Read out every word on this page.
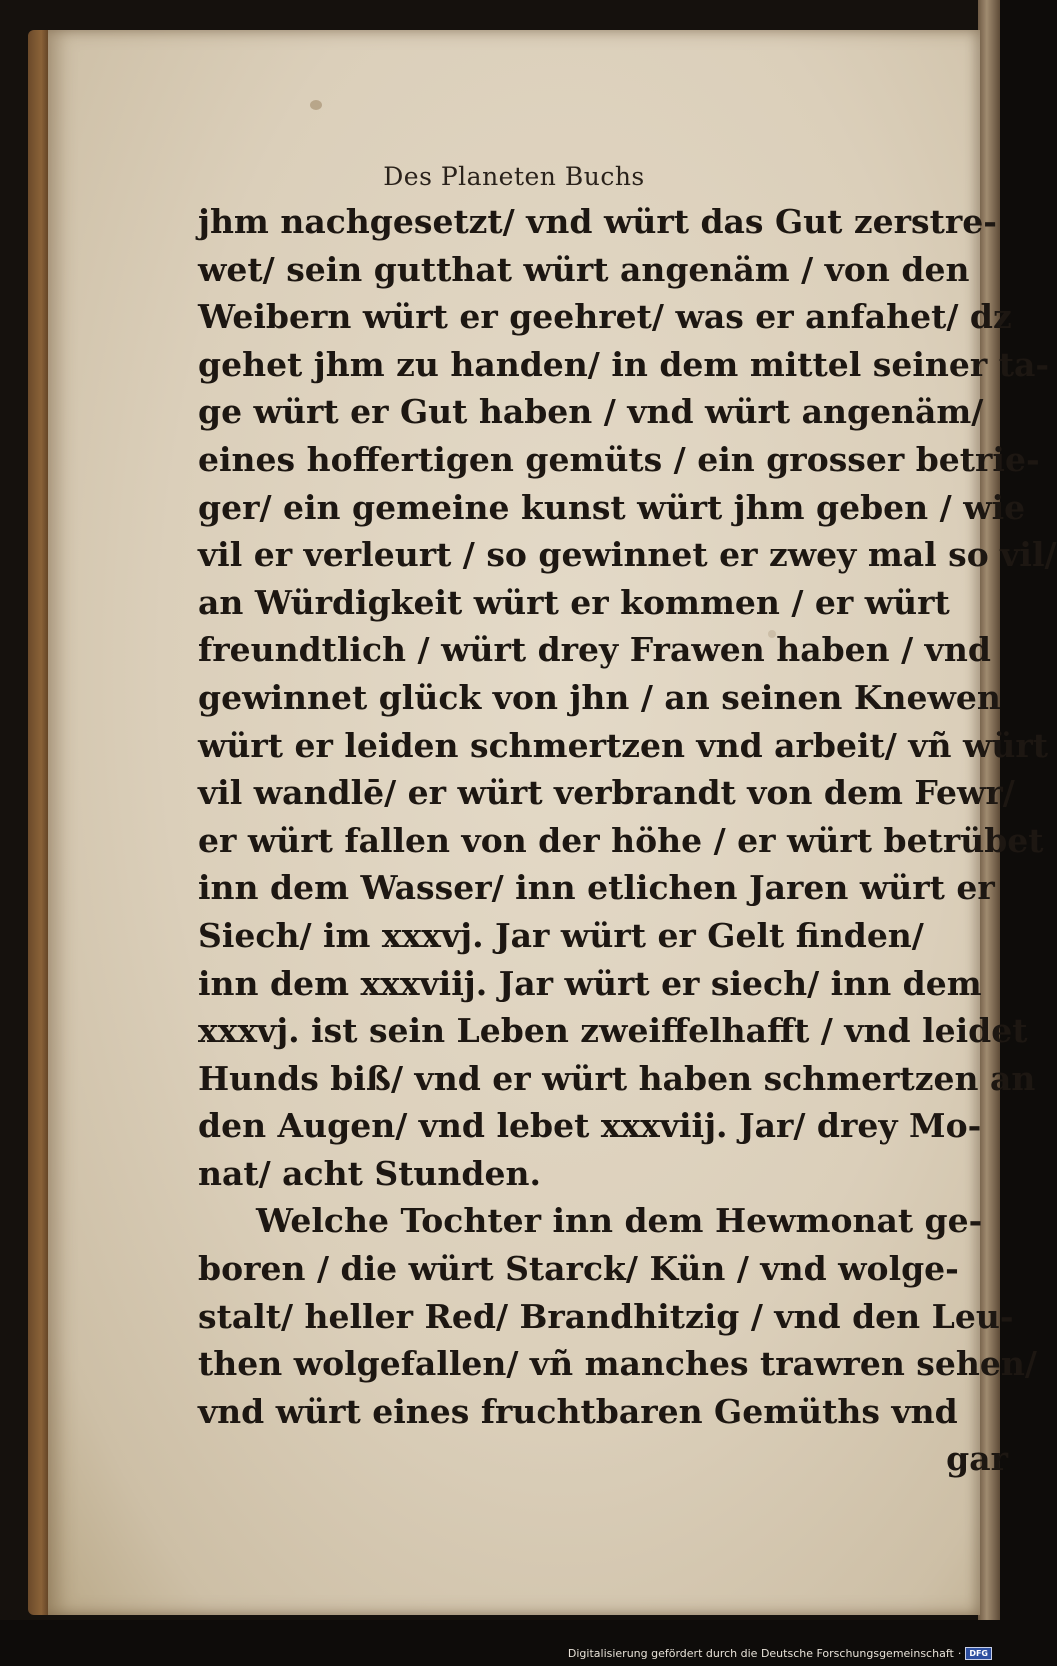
Des Planeten Buchs
jhm nachgesetzt/ vnd würt das Gut zerstre-
wet/ sein gutthat würt angenäm / von den
Weibern würt er geehret/ was er anfahet/ dz
gehet jhm zu handen/ in dem mittel seiner ta-
ge würt er Gut haben / vnd würt angenäm/
eines hoffertigen gemüts / ein grosser betrie-
ger/ ein gemeine kunst würt jhm geben / wie
vil er verleurt / so gewinnet er zwey mal so vil/
an Würdigkeit würt er kommen / er würt
freundtlich / würt drey Frawen haben / vnd
gewinnet glück von jhn / an seinen Knewen
würt er leiden schmertzen vnd arbeit/ vñ würt
vil wandlē/ er würt verbrandt von dem Fewr/
er würt fallen von der höhe / er würt betrübet
inn dem Wasser/ inn etlichen Jaren würt er
Siech/ im xxxvj. Jar würt er Gelt finden/
inn dem xxxviij. Jar würt er siech/ inn dem
xxxvj. ist sein Leben zweiffelhafft / vnd leidet
Hunds biß/ vnd er würt haben schmertzen an
den Augen/ vnd lebet xxxviij. Jar/ drey Mo-
nat/ acht Stunden.
Welche Tochter inn dem Hewmonat ge-
boren / die würt Starck/ Kün / vnd wolge-
stalt/ heller Red/ Brandhitzig / vnd den Leu-
then wolgefallen/ vñ manches trawren sehen/
vnd würt eines fruchtbaren Gemüths vnd
gar
Digitalisierung gefördert durch die Deutsche Forschungsgemeinschaft ·	DFG
